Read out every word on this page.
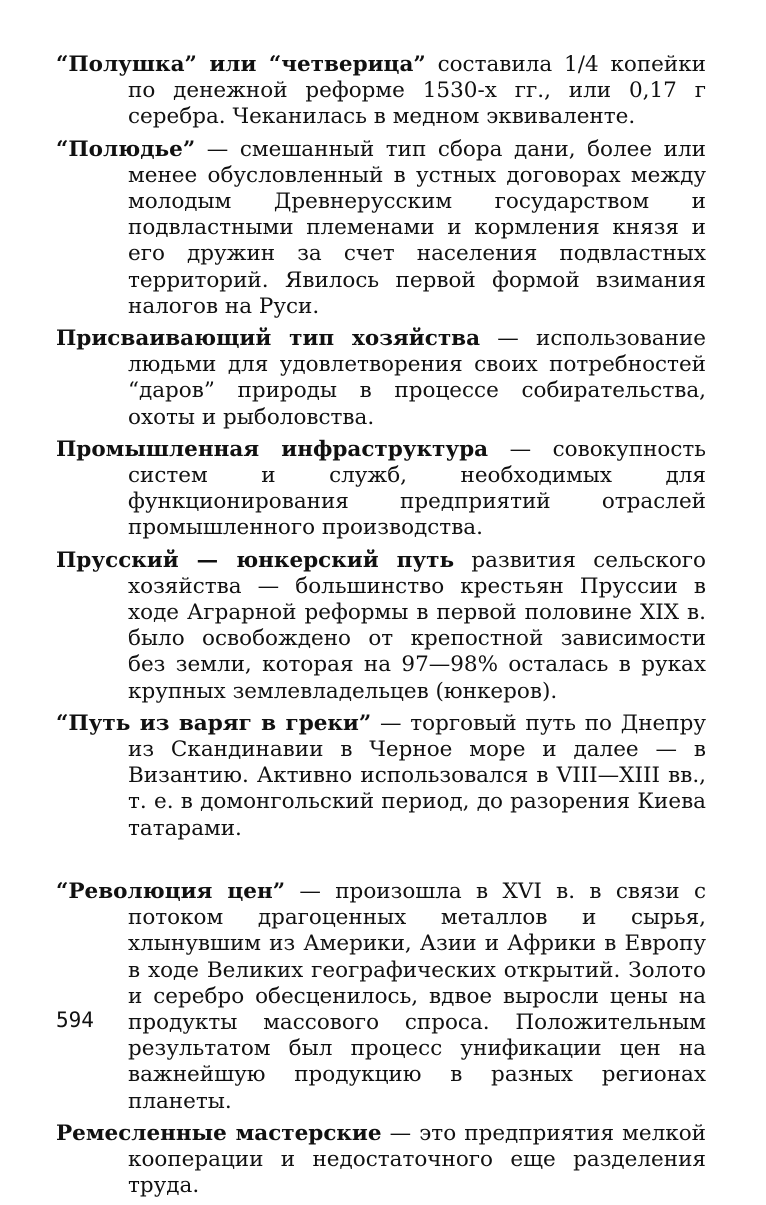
“Полушка” или “четверица” составила 1/4 копейки по денежной реформе 1530-х гг., или 0,17 г серебра. Чеканилась в медном эквиваленте.

“Полюдье” — смешанный тип сбора дани, более или менее обусловленный в устных договорах между молодым Древнерусским государством и подвластными племенами и кормления князя и его дружин за счет населения подвластных территорий. Явилось первой формой взимания налогов на Руси.

Присваивающий тип хозяйства — использование людьми для удовлетворения своих потребностей “даров” природы в процессе собирательства, охоты и рыболовства.

Промышленная инфраструктура — совокупность систем и служб, необходимых для функционирования предприятий отраслей промышленного производства.

Прусский — юнкерский путь развития сельского хозяйства — большинство крестьян Пруссии в ходе Аграрной реформы в первой половине XIX в. было освобождено от крепостной зависимости без земли, которая на 97—98% осталась в руках крупных землевладельцев (юнкеров).

“Путь из варяг в греки” — торговый путь по Днепру из Скандинавии в Черное море и далее — в Византию. Активно использовался в VIII—XIII вв., т. е. в домонгольский период, до разорения Киева татарами.

“Революция цен” — произошла в XVI в. в связи с потоком драгоценных металлов и сырья, хлынувшим из Америки, Азии и Африки в Европу в ходе Великих географических открытий. Золото и серебро обесценилось, вдвое выросли цены на продукты массового спроса. Положительным результатом был процесс унификации цен на важнейшую продукцию в разных регионах планеты.

Ремесленные мастерские — это предприятия мелкой кооперации и недостаточного еще разделения труда.

594
